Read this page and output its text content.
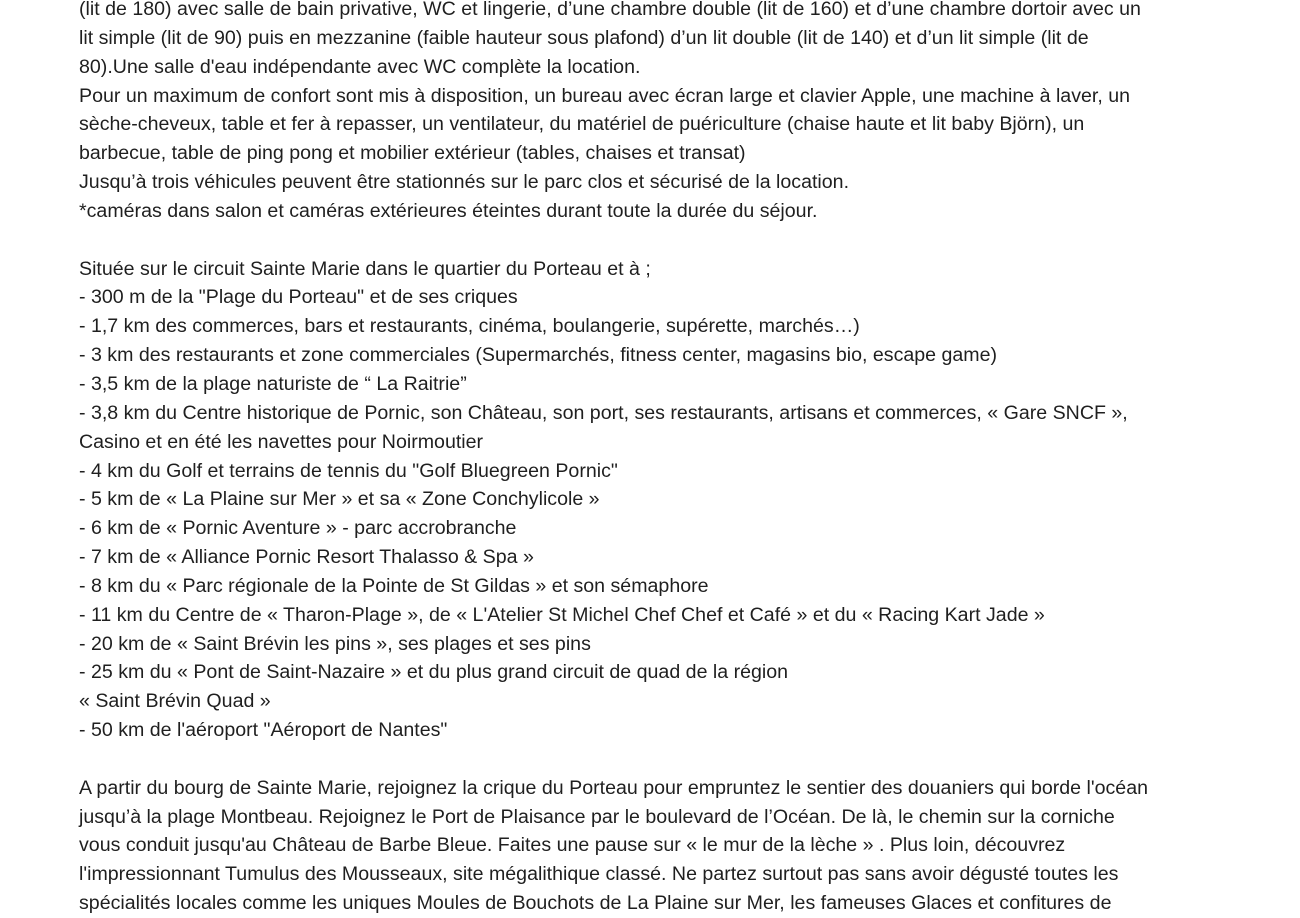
(lit de 180) avec salle de bain privative, WC et lingerie, d’une chambre double (lit de 160) et d’une chambre dortoir avec un
lit simple (lit de 90) puis en mezzanine (faible hauteur sous plafond) d’un lit double (lit de 140) et d’un lit simple (lit de
80).Une salle d'eau indépendante avec WC complète la location.
Pour un maximum de confort sont mis à disposition, un bureau avec écran large et clavier Apple, une machine à laver, un
sèche-cheveux, table et fer à repasser, un ventilateur, du matériel de puériculture (chaise haute et lit baby Björn), un
barbecue, table de ping pong et mobilier extérieur (tables, chaises et transat)
Jusqu’à trois véhicules peuvent être stationnés sur le parc clos et sécurisé de la location.
*caméras dans salon et caméras extérieures éteintes durant toute la durée du séjour.
Située sur le circuit Sainte Marie dans le quartier du Porteau et à ;
- 300 m de la "Plage du Porteau" et de ses criques
- 1,7 km des commerces, bars et restaurants, cinéma, boulangerie, supérette, marchés…)
- 3 km des restaurants et zone commerciales (Supermarchés, fitness center, magasins bio, escape game)
- 3,5 km de la plage naturiste de “ La Raitrie”
- 3,8 km du Centre historique de Pornic, son Château, son port, ses restaurants, artisans et commerces, « Gare SNCF »,
Casino et en été les navettes pour Noirmoutier
- 4 km du Golf et terrains de tennis du "Golf Bluegreen Pornic"
- 5 km de « La Plaine sur Mer » et sa « Zone Conchylicole »
- 6 km de « Pornic Aventure » - parc accrobranche
- 7 km de « Alliance Pornic Resort Thalasso & Spa »
- 8 km du « Parc régionale de la Pointe de St Gildas » et son sémaphore
- 11 km du Centre de « Tharon-Plage », de « L'Atelier St Michel Chef Chef et Café » et du « Racing Kart Jade »
- 20 km de « Saint Brévin les pins », ses plages et ses pins
- 25 km du « Pont de Saint-Nazaire » et du plus grand circuit de quad de la région
« Saint Brévin Quad »
- 50 km de l'aéroport "Aéroport de Nantes"
A partir du bourg de Sainte Marie, rejoignez la crique du Porteau pour empruntez le sentier des douaniers qui borde l'océan
jusqu’à la plage Montbeau. Rejoignez le Port de Plaisance par le boulevard de l’Océan. De là, le chemin sur la corniche
vous conduit jusqu'au Château de Barbe Bleue. Faites une pause sur « le mur de la lèche » . Plus loin, découvrez
l'impressionnant Tumulus des Mousseaux, site mégalithique classé. Ne partez surtout pas sans avoir dégusté toutes les
spécialités locales comme les uniques Moules de Bouchots de La Plaine sur Mer, les fameuses Glaces et confitures de
